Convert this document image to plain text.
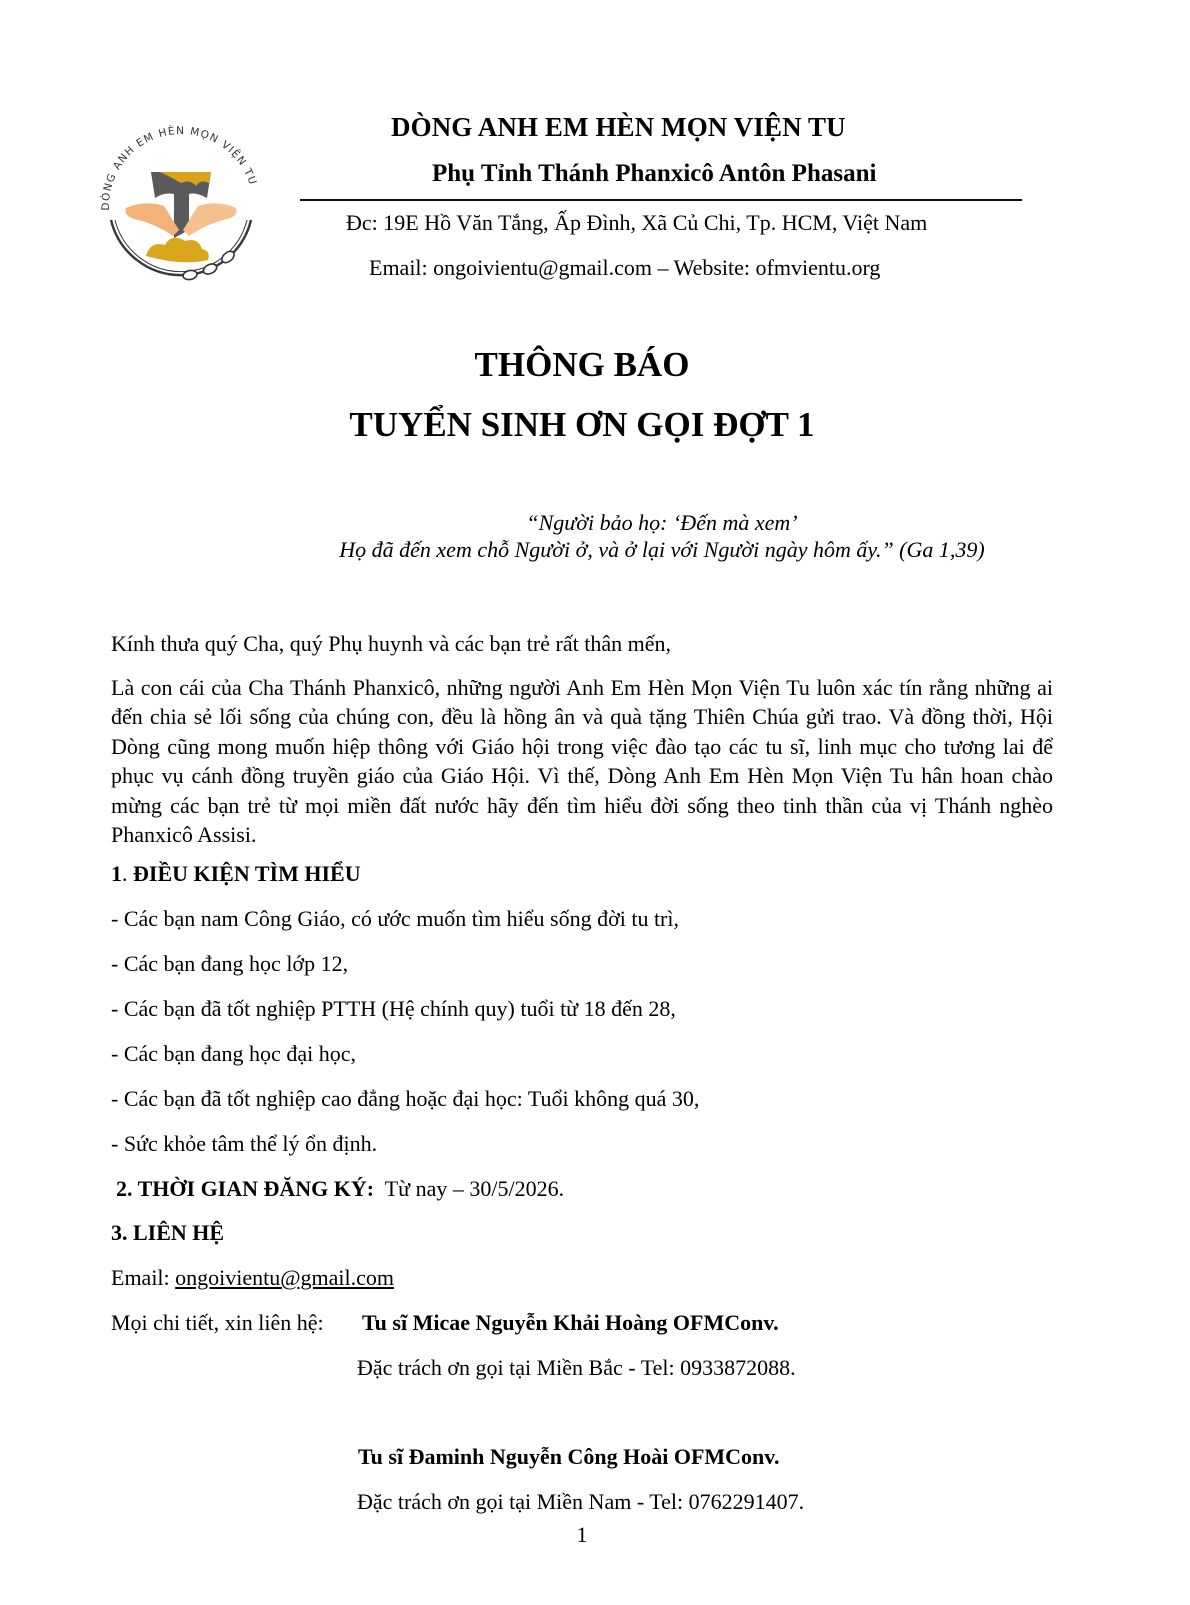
DÒNG ANH EM HÈN MỌN VIỆN TU
DÒNG ANH EM HÈN MỌN VIỆN TU
Phụ Tỉnh Thánh Phanxicô Antôn Phasani
Đc: 19E Hồ Văn Tắng, Ấp Đình, Xã Củ Chi, Tp. HCM, Việt Nam
Email: ongoivientu@gmail.com – Website: ofmvientu.org
THÔNG BÁO
TUYỂN SINH ƠN GỌI ĐỢT 1
“Người bảo họ: ‘Đến mà xem’
Họ đã đến xem chỗ Người ở, và ở lại với Người ngày hôm ấy.” (Ga 1,39)
Kính thưa quý Cha, quý Phụ huynh và các bạn trẻ rất thân mến,
Là con cái của Cha Thánh Phanxicô, những người Anh Em Hèn Mọn Viện Tu luôn xác tín rằng những ai đến chia sẻ lối sống của chúng con, đều là hồng ân và quà tặng Thiên Chúa gửi trao. Và đồng thời, Hội Dòng cũng mong muốn hiệp thông với Giáo hội trong việc đào tạo các tu sĩ, linh mục cho tương lai để phục vụ cánh đồng truyền giáo của Giáo Hội. Vì thế, Dòng Anh Em Hèn Mọn Viện Tu hân hoan chào mừng các bạn trẻ từ mọi miền đất nước hãy đến tìm hiểu đời sống theo tinh thần của vị Thánh nghèo Phanxicô Assisi.
1. ĐIỀU KIỆN TÌM HIỂU
- Các bạn nam Công Giáo, có ước muốn tìm hiểu sống đời tu trì,
- Các bạn đang học lớp 12,
- Các bạn đã tốt nghiệp PTTH (Hệ chính quy) tuổi từ 18 đến 28,
- Các bạn đang học đại học,
- Các bạn đã tốt nghiệp cao đẳng hoặc đại học: Tuổi không quá 30,
- Sức khỏe tâm thể lý ổn định.
2. THỜI GIAN ĐĂNG KÝ: Từ nay – 30/5/2026.
3. LIÊN HỆ
Email: ongoivientu@gmail.com
Mọi chi tiết, xin liên hệ: Tu sĩ Micae Nguyễn Khải Hoàng OFMConv.
Đặc trách ơn gọi tại Miền Bắc - Tel: 0933872088.
Tu sĩ Đaminh Nguyễn Công Hoài OFMConv.
Đặc trách ơn gọi tại Miền Nam - Tel: 0762291407.
1
